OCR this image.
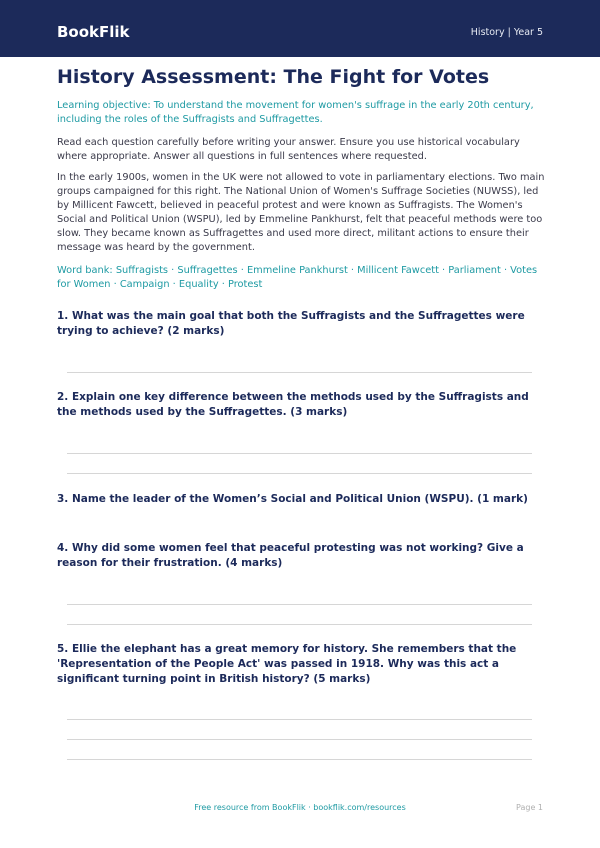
BookFlik	History | Year 5
History Assessment: The Fight for Votes

Learning objective: To understand the movement for women's suffrage in the early 20th century, including the roles of the Suffragists and Suffragettes.

Read each question carefully before writing your answer. Ensure you use historical vocabulary where appropriate. Answer all questions in full sentences where requested.

In the early 1900s, women in the UK were not allowed to vote in parliamentary elections. Two main groups campaigned for this right. The National Union of Women's Suffrage Societies (NUWSS), led by Millicent Fawcett, believed in peaceful protest and were known as Suffragists. The Women's Social and Political Union (WSPU), led by Emmeline Pankhurst, felt that peaceful methods were too slow. They became known as Suffragettes and used more direct, militant actions to ensure their message was heard by the government.

Word bank: Suffragists · Suffragettes · Emmeline Pankhurst · Millicent Fawcett · Parliament · Votes for Women · Campaign · Equality · Protest

1. What was the main goal that both the Suffragists and the Suffragettes were trying to achieve? (2 marks)

2. Explain one key difference between the methods used by the Suffragists and the methods used by the Suffragettes. (3 marks)

3. Name the leader of the Women’s Social and Political Union (WSPU). (1 mark)

4. Why did some women feel that peaceful protesting was not working? Give a reason for their frustration. (4 marks)

5. Ellie the elephant has a great memory for history. She remembers that the 'Representation of the People Act' was passed in 1918. Why was this act a significant turning point in British history? (5 marks)

Free resource from BookFlik · bookflik.com/resources	Page 1
